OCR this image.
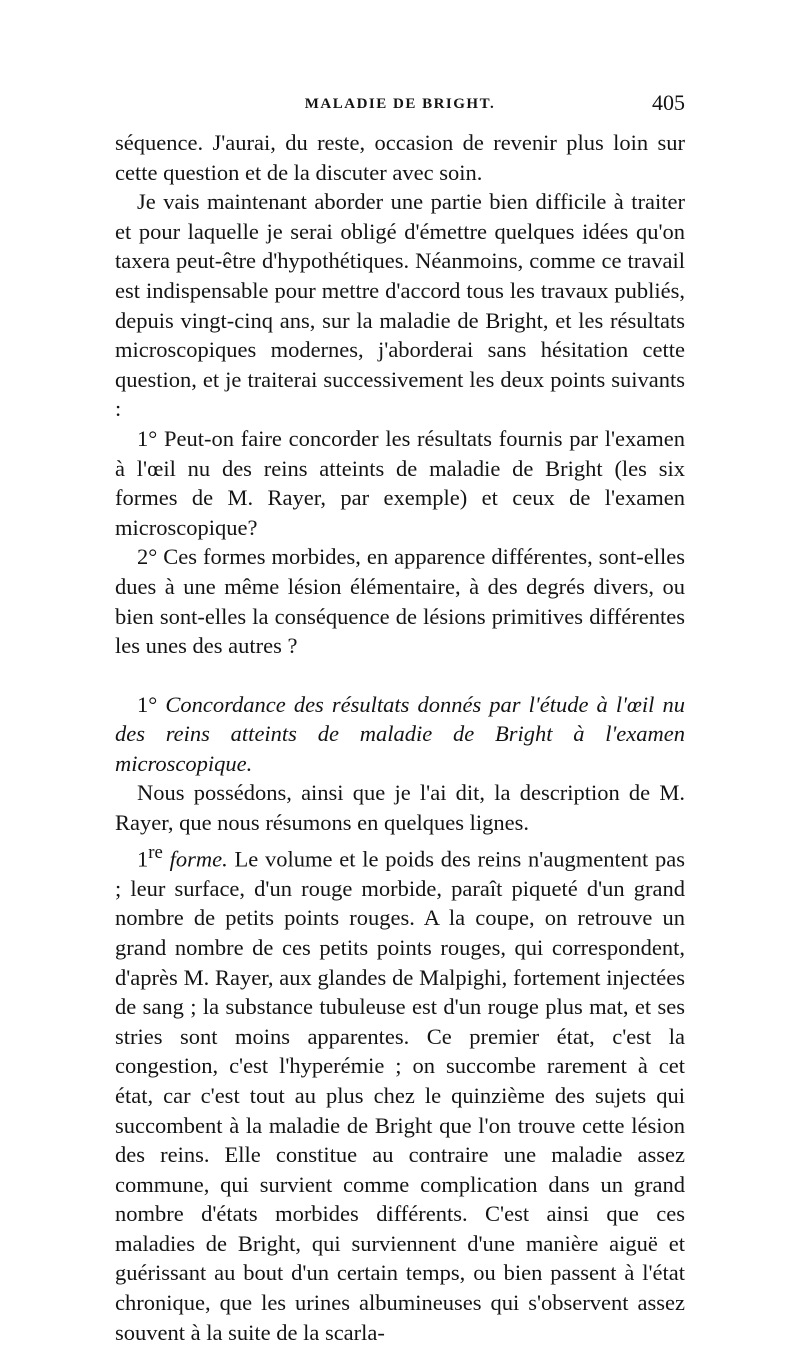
MALADIE DE BRIGHT.	405

séquence. J'aurai, du reste, occasion de revenir plus loin sur cette question et de la discuter avec soin.

Je vais maintenant aborder une partie bien difficile à traiter et pour laquelle je serai obligé d'émettre quelques idées qu'on taxera peut-être d'hypothétiques. Néanmoins, comme ce travail est indispensable pour mettre d'accord tous les travaux publiés, depuis vingt-cinq ans, sur la maladie de Bright, et les résultats microscopiques modernes, j'aborderai sans hésitation cette question, et je traiterai successivement les deux points suivants :

1° Peut-on faire concorder les résultats fournis par l'examen à l'œil nu des reins atteints de maladie de Bright (les six formes de M. Rayer, par exemple) et ceux de l'examen microscopique?

2° Ces formes morbides, en apparence différentes, sont-elles dues à une même lésion élémentaire, à des degrés divers, ou bien sont-elles la conséquence de lésions primitives différentes les unes des autres ?

1° Concordance des résultats donnés par l'étude à l'œil nu des reins atteints de maladie de Bright à l'examen microscopique.

Nous possédons, ainsi que je l'ai dit, la description de M. Rayer, que nous résumons en quelques lignes.

1re forme. Le volume et le poids des reins n'augmentent pas ; leur surface, d'un rouge morbide, paraît piqueté d'un grand nombre de petits points rouges. A la coupe, on retrouve un grand nombre de ces petits points rouges, qui correspondent, d'après M. Rayer, aux glandes de Malpighi, fortement injectées de sang ; la substance tubuleuse est d'un rouge plus mat, et ses stries sont moins apparentes. Ce premier état, c'est la congestion, c'est l'hyperémie ; on succombe rarement à cet état, car c'est tout au plus chez le quinzième des sujets qui succombent à la maladie de Bright que l'on trouve cette lésion des reins. Elle constitue au contraire une maladie assez commune, qui survient comme complication dans un grand nombre d'états morbides différents. C'est ainsi que ces maladies de Bright, qui surviennent d'une manière aiguë et guérissant au bout d'un certain temps, ou bien passent à l'état chronique, que les urines albumineuses qui s'observent assez souvent à la suite de la scarla-
